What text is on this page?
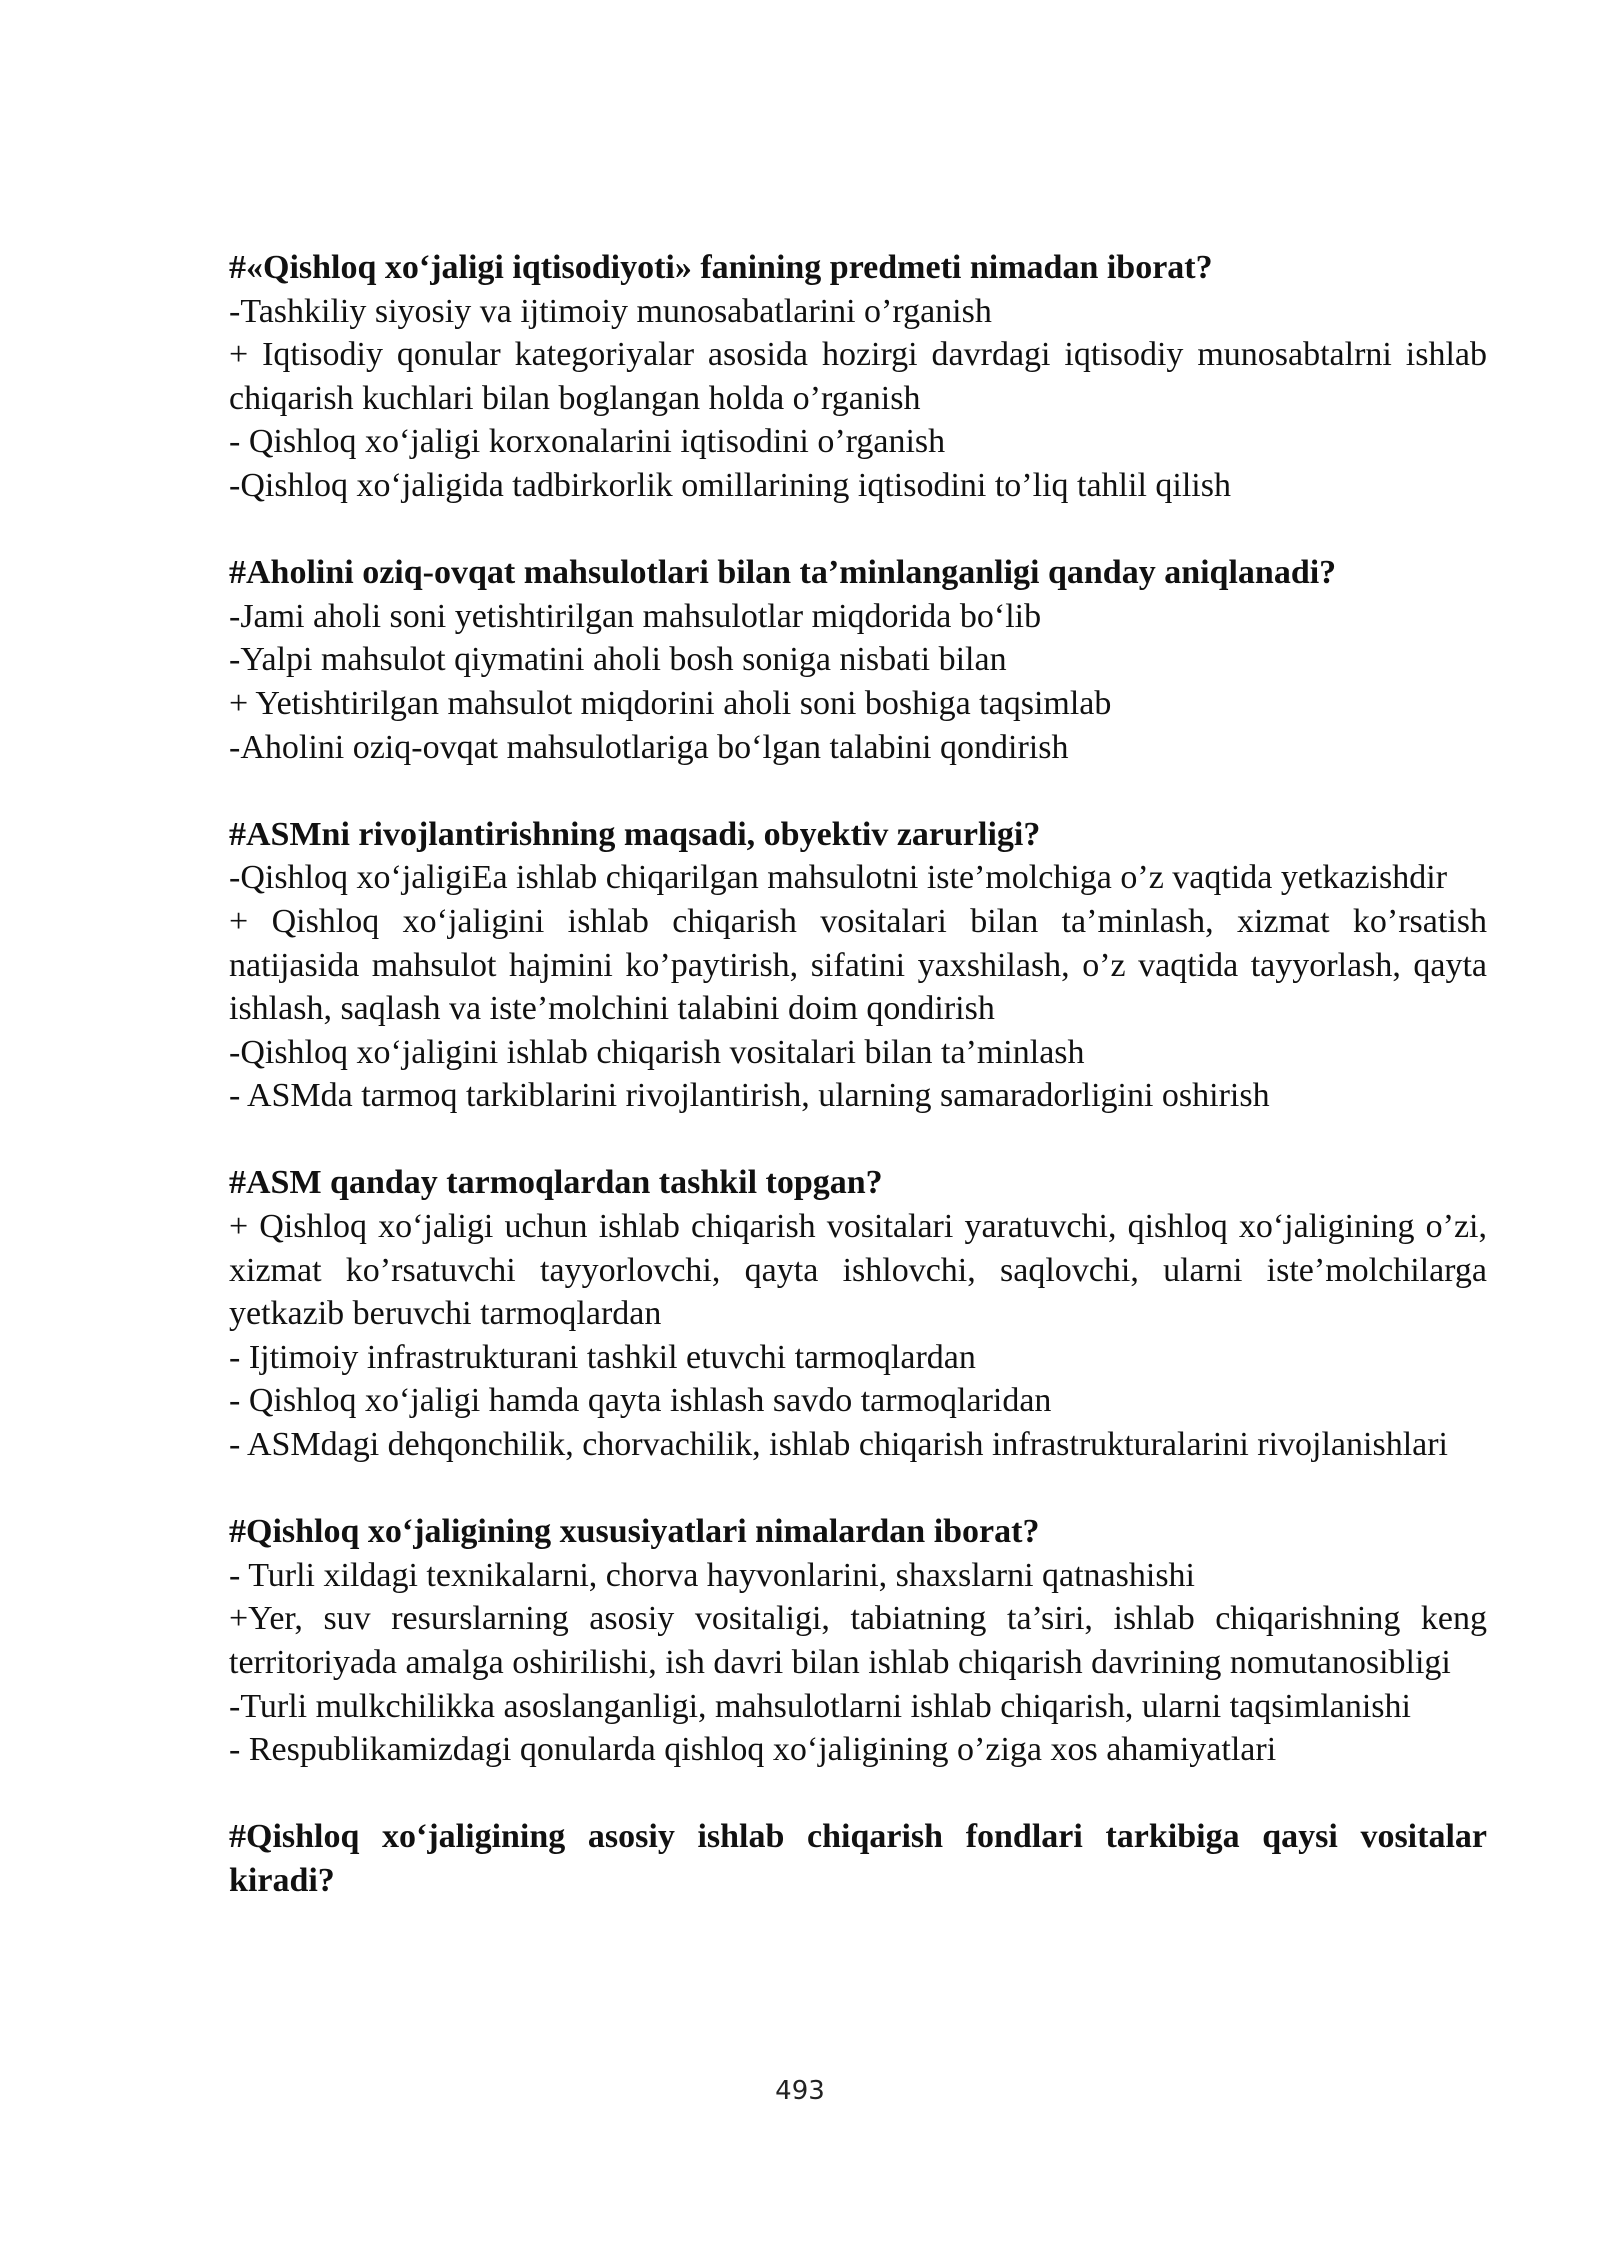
#«Qishloq xo‘jaligi iqtisodiyoti» fanining predmeti nimadan iborat?

-Tashkiliy siyosiy va ijtimoiy munosabatlarini o’rganish

+ Iqtisodiy qonular kategoriyalar asosida hozirgi davrdagi iqtisodiy munosabtalrni ishlab chiqarish kuchlari bilan boglangan holda o’rganish

- Qishloq xo‘jaligi korxonalarini iqtisodini o’rganish

-Qishloq xo‘jaligida tadbirkorlik omillarining iqtisodini to’liq tahlil qilish

#Aholini oziq-ovqat mahsulotlari bilan ta’minlanganligi qanday aniqlanadi?

-Jami aholi soni yetishtirilgan mahsulotlar miqdorida bo‘lib

-Yalpi mahsulot qiymatini aholi bosh soniga nisbati bilan

+ Yetishtirilgan mahsulot miqdorini aholi soni boshiga taqsimlab

-Aholini oziq-ovqat mahsulotlariga bo‘lgan talabini qondirish

#ASMni rivojlantirishning maqsadi, obyektiv zarurligi?

-Qishloq xo‘jaligiEa ishlab chiqarilgan mahsulotni iste’molchiga o’z vaqtida yetkazishdir

+ Qishloq xo‘jaligini ishlab chiqarish vositalari bilan ta’minlash, xizmat ko’rsatish natijasida mahsulot hajmini ko’paytirish, sifatini yaxshilash, o’z vaqtida tayyorlash, qayta ishlash, saqlash va iste’molchini talabini doim qondirish

-Qishloq xo‘jaligini ishlab chiqarish vositalari bilan ta’minlash

- ASMda tarmoq tarkiblarini rivojlantirish, ularning samaradorligini oshirish

#ASM qanday tarmoqlardan tashkil topgan?

+ Qishloq xo‘jaligi uchun ishlab chiqarish vositalari yaratuvchi, qishloq xo‘jaligining o’zi, xizmat ko’rsatuvchi tayyorlovchi, qayta ishlovchi, saqlovchi, ularni iste’molchilarga yetkazib beruvchi tarmoqlardan

- Ijtimoiy infrastrukturani tashkil etuvchi tarmoqlardan

- Qishloq xo‘jaligi hamda qayta ishlash savdo tarmoqlaridan

- ASMdagi dehqonchilik, chorvachilik, ishlab chiqarish infrastrukturalarini rivojlanishlari

#Qishloq xo‘jaligining xususiyatlari nimalardan iborat?

- Turli xildagi texnikalarni, chorva hayvonlarini, shaxslarni qatnashishi

+Yer, suv resurslarning asosiy vositaligi, tabiatning ta’siri, ishlab chiqarishning keng territoriyada amalga oshirilishi, ish davri bilan ishlab chiqarish davrining nomutanosibligi

-Turli mulkchilikka asoslanganligi, mahsulotlarni ishlab chiqarish, ularni taqsimlanishi

- Respublikamizdagi qonularda qishloq xo‘jaligining o’ziga xos ahamiyatlari

#Qishloq xo‘jaligining asosiy ishlab chiqarish fondlari tarkibiga qaysi vositalar kiradi?

493
